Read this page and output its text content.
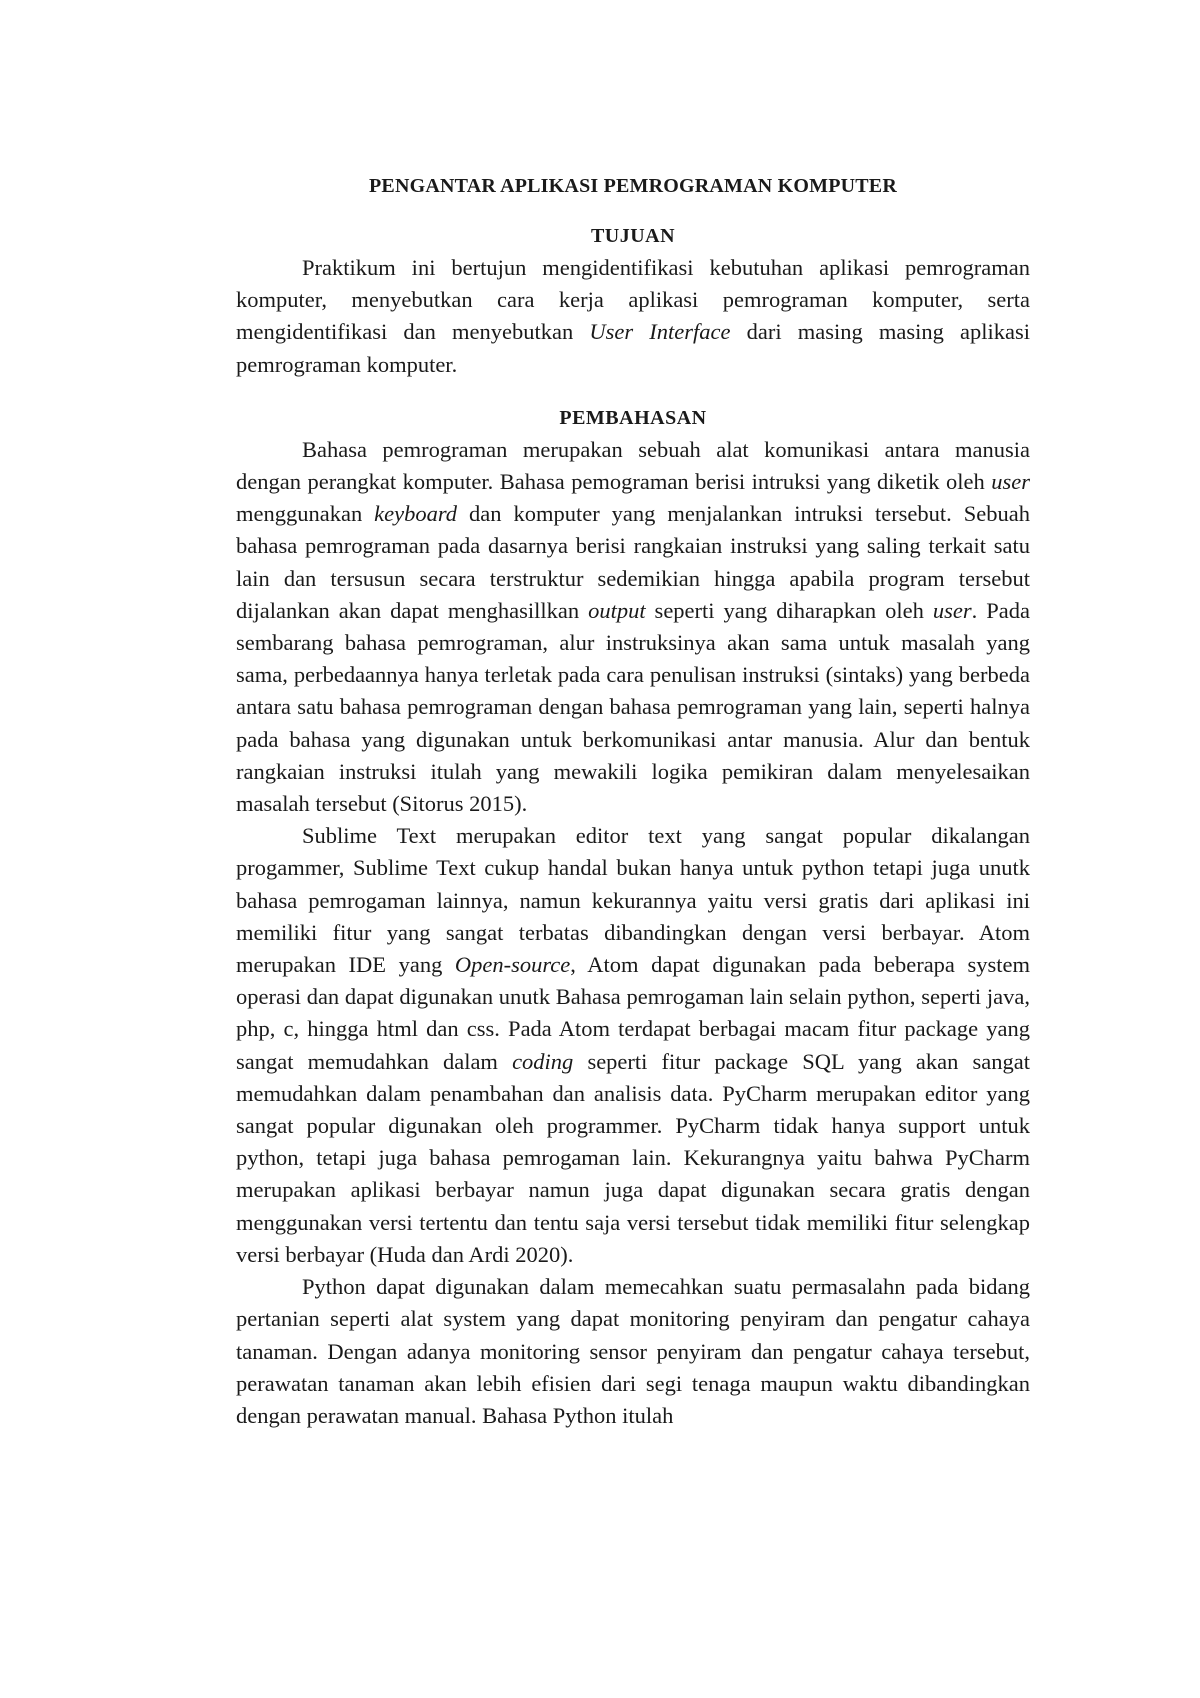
PENGANTAR APLIKASI PEMROGRAMAN KOMPUTER
TUJUAN

Praktikum ini bertujun mengidentifikasi kebutuhan aplikasi pemrograman komputer, menyebutkan cara kerja aplikasi pemrograman komputer, serta mengidentifikasi dan menyebutkan User Interface dari masing masing aplikasi pemrograman komputer.

PEMBAHASAN

Bahasa pemrograman merupakan sebuah alat komunikasi antara manusia dengan perangkat komputer. Bahasa pemograman berisi intruksi yang diketik oleh user menggunakan keyboard dan komputer yang menjalankan intruksi tersebut. Sebuah bahasa pemrograman pada dasarnya berisi rangkaian instruksi yang saling terkait satu lain dan tersusun secara terstruktur sedemikian hingga apabila program tersebut dijalankan akan dapat menghasillkan output seperti yang diharapkan oleh user. Pada sembarang bahasa pemrograman, alur instruksinya akan sama untuk masalah yang sama, perbedaannya hanya terletak pada cara penulisan instruksi (sintaks) yang berbeda antara satu bahasa pemrograman dengan bahasa pemrograman yang lain, seperti halnya pada bahasa yang digunakan untuk berkomunikasi antar manusia. Alur dan bentuk rangkaian instruksi itulah yang mewakili logika pemikiran dalam menyelesaikan masalah tersebut (Sitorus 2015).

Sublime Text merupakan editor text yang sangat popular dikalangan progammer, Sublime Text cukup handal bukan hanya untuk python tetapi juga unutk bahasa pemrogaman lainnya, namun kekurannya yaitu versi gratis dari aplikasi ini memiliki fitur yang sangat terbatas dibandingkan dengan versi berbayar. Atom merupakan IDE yang Open-source, Atom dapat digunakan pada beberapa system operasi dan dapat digunakan unutk Bahasa pemrogaman lain selain python, seperti java, php, c, hingga html dan css. Pada Atom terdapat berbagai macam fitur package yang sangat memudahkan dalam coding seperti fitur package SQL yang akan sangat memudahkan dalam penambahan dan analisis data. PyCharm merupakan editor yang sangat popular digunakan oleh programmer. PyCharm tidak hanya support untuk python, tetapi juga bahasa pemrogaman lain. Kekurangnya yaitu bahwa PyCharm merupakan aplikasi berbayar namun juga dapat digunakan secara gratis dengan menggunakan versi tertentu dan tentu saja versi tersebut tidak memiliki fitur selengkap versi berbayar (Huda dan Ardi 2020).

Python dapat digunakan dalam memecahkan suatu permasalahn pada bidang pertanian seperti alat system yang dapat monitoring penyiram dan pengatur cahaya tanaman. Dengan adanya monitoring sensor penyiram dan pengatur cahaya tersebut, perawatan tanaman akan lebih efisien dari segi tenaga maupun waktu dibandingkan dengan perawatan manual. Bahasa Python itulah
